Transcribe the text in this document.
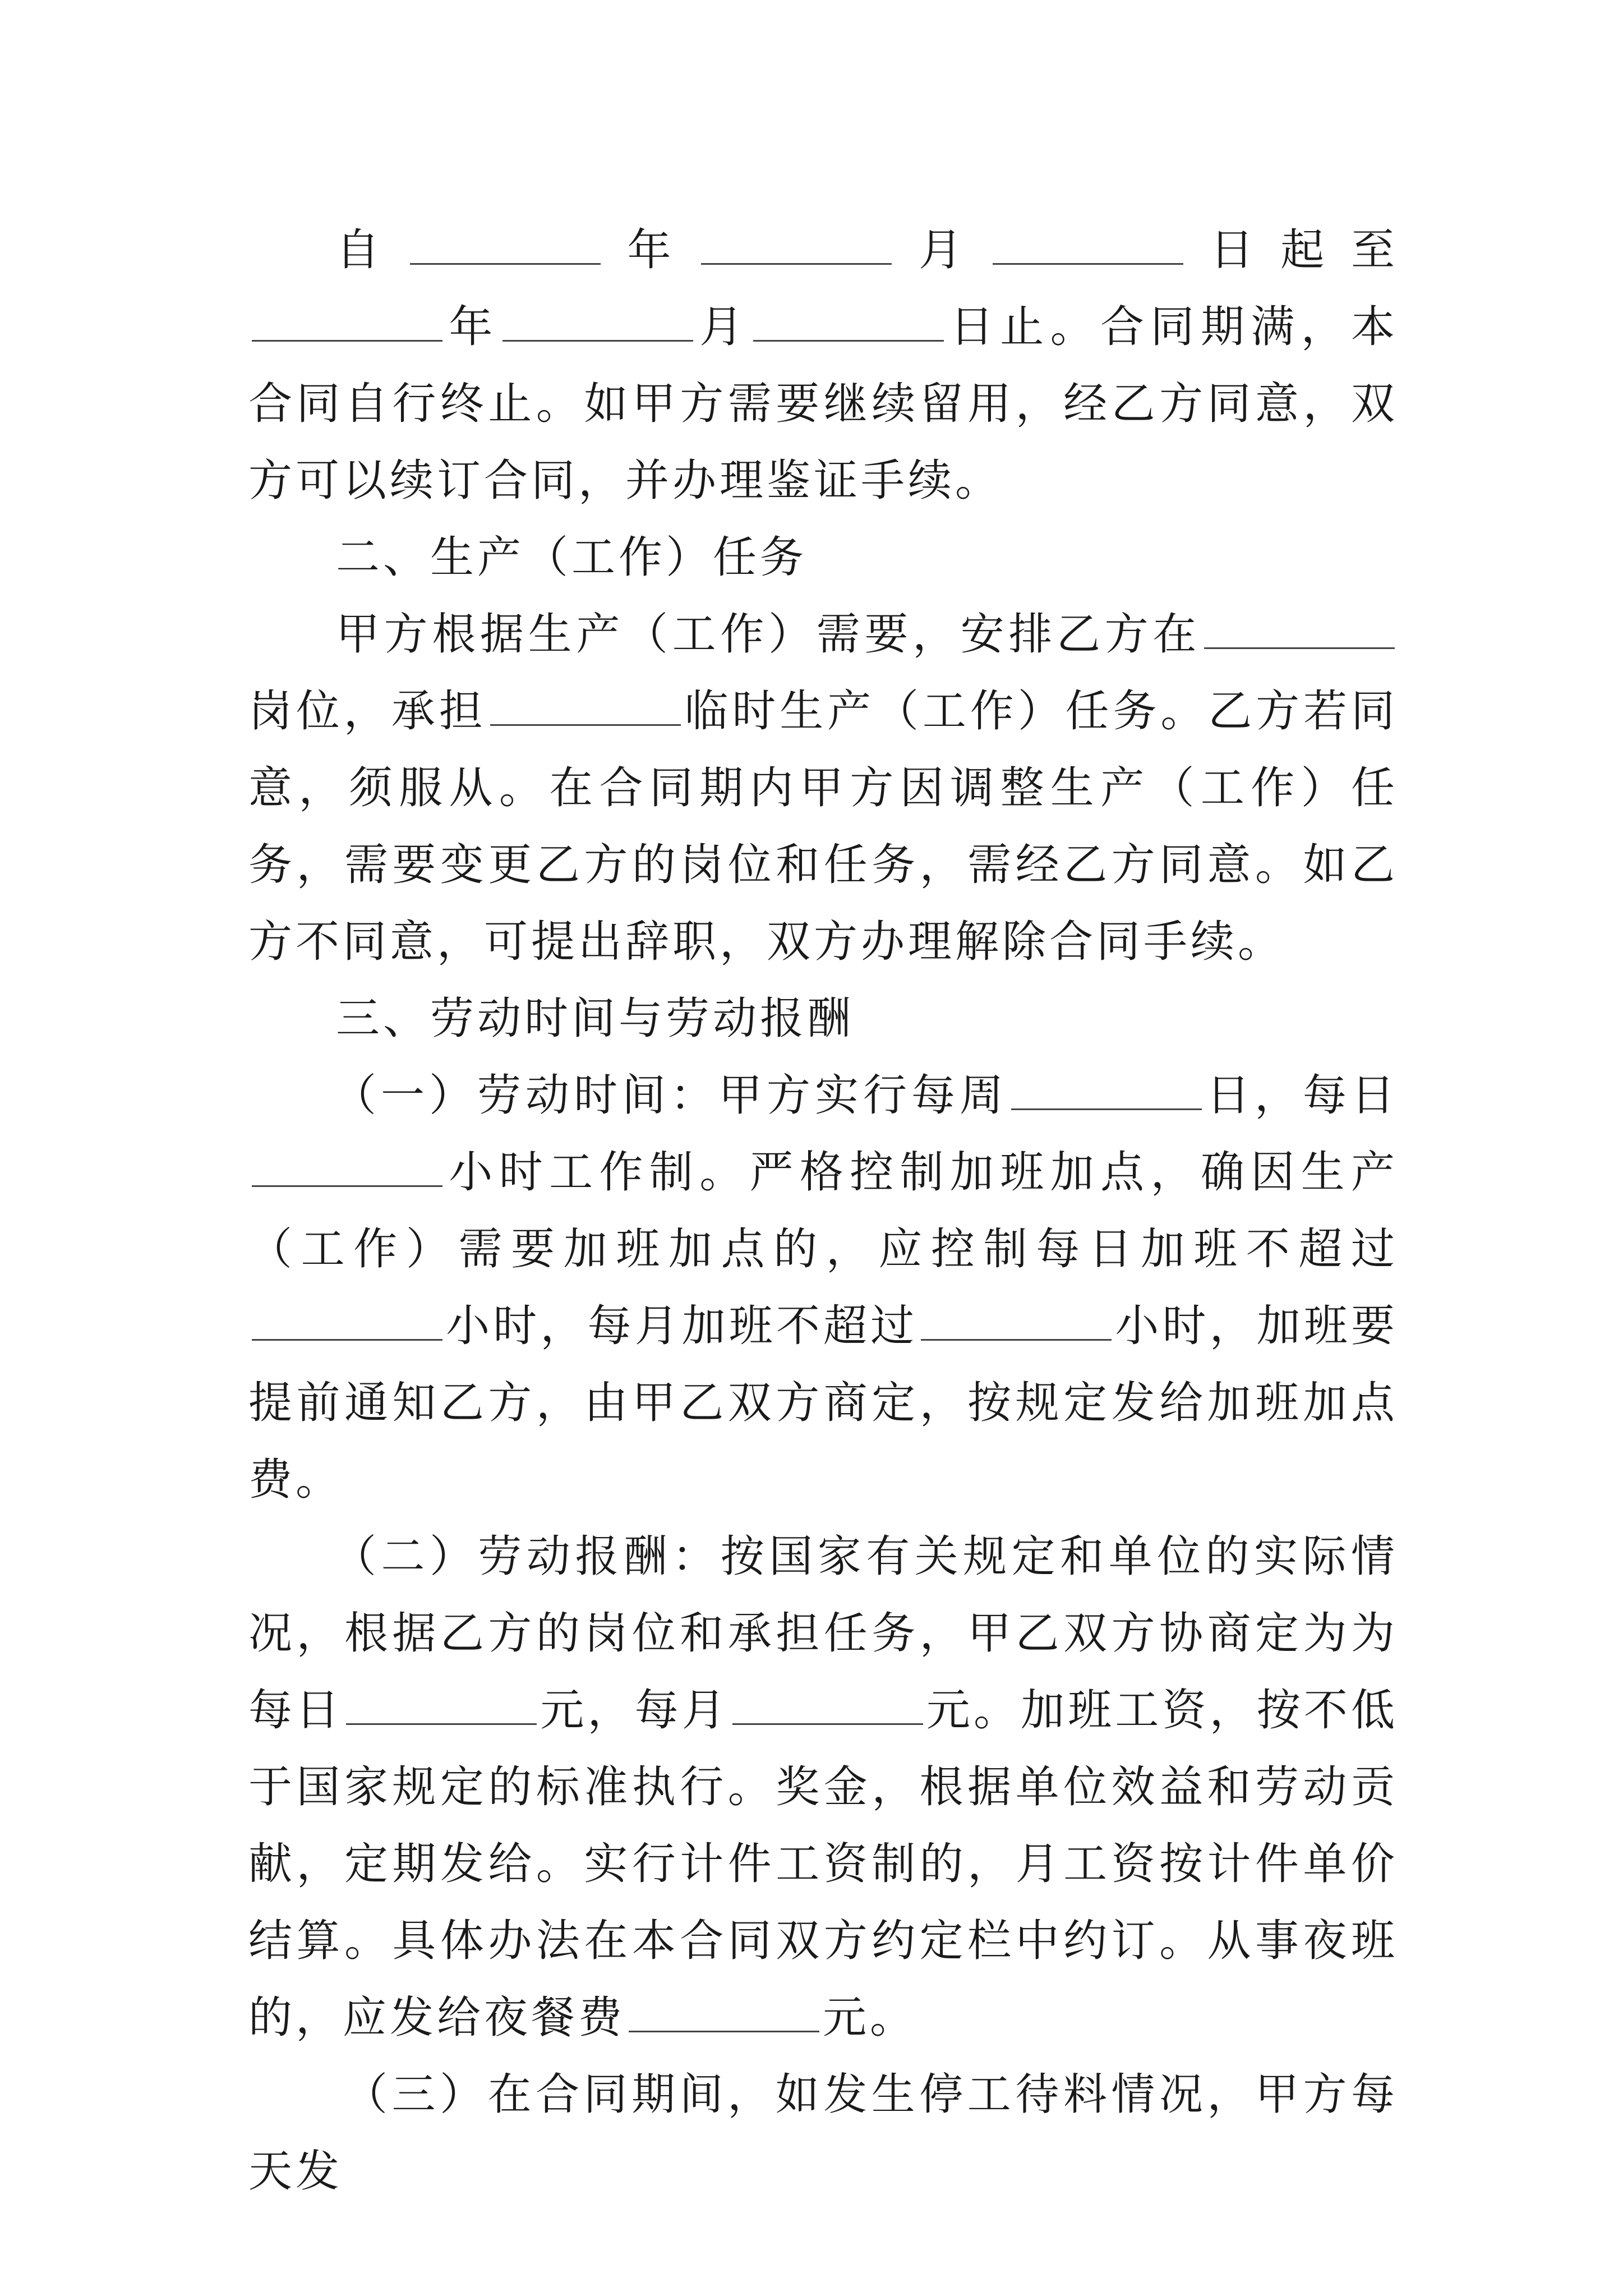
自	年	月	日起至年	月	日止。合同期满，本合同自行终止。如甲方需要继续留用，经乙方同意，双方可以续订合同，并办理鉴证手续。

二、生产（工作）任务

甲方根据生产（工作）需要，安排乙方在岗位，承担	临时生产（工作）任务。乙方若同意，须服从。在合同期内甲方因调整生产（工作）任务，需要变更乙方的岗位和任务，需经乙方同意。如乙方不同意，可提出辞职，双方办理解除合同手续。

三、劳动时间与劳动报酬

（一）劳动时间：甲方实行每周	日，每日小时工作制。严格控制加班加点，确因生产（工作）需要加班加点的，应控制每日加班不超过小时，每月加班不超过	小时，加班要提前通知乙方，由甲乙双方商定，按规定发给加班加点费。

（二）劳动报酬：按国家有关规定和单位的实际情况，根据乙方的岗位和承担任务，甲乙双方协商定为为每日	元，每月	元。加班工资，按不低于国家规定的标准执行。奖金，根据单位效益和劳动贡献，定期发给。实行计件工资制的，月工资按计件单价结算。具体办法在本合同双方约定栏中约订。从事夜班的，应发给夜餐费	元。

（三）在合同期间，如发生停工待料情况，甲方每天发
